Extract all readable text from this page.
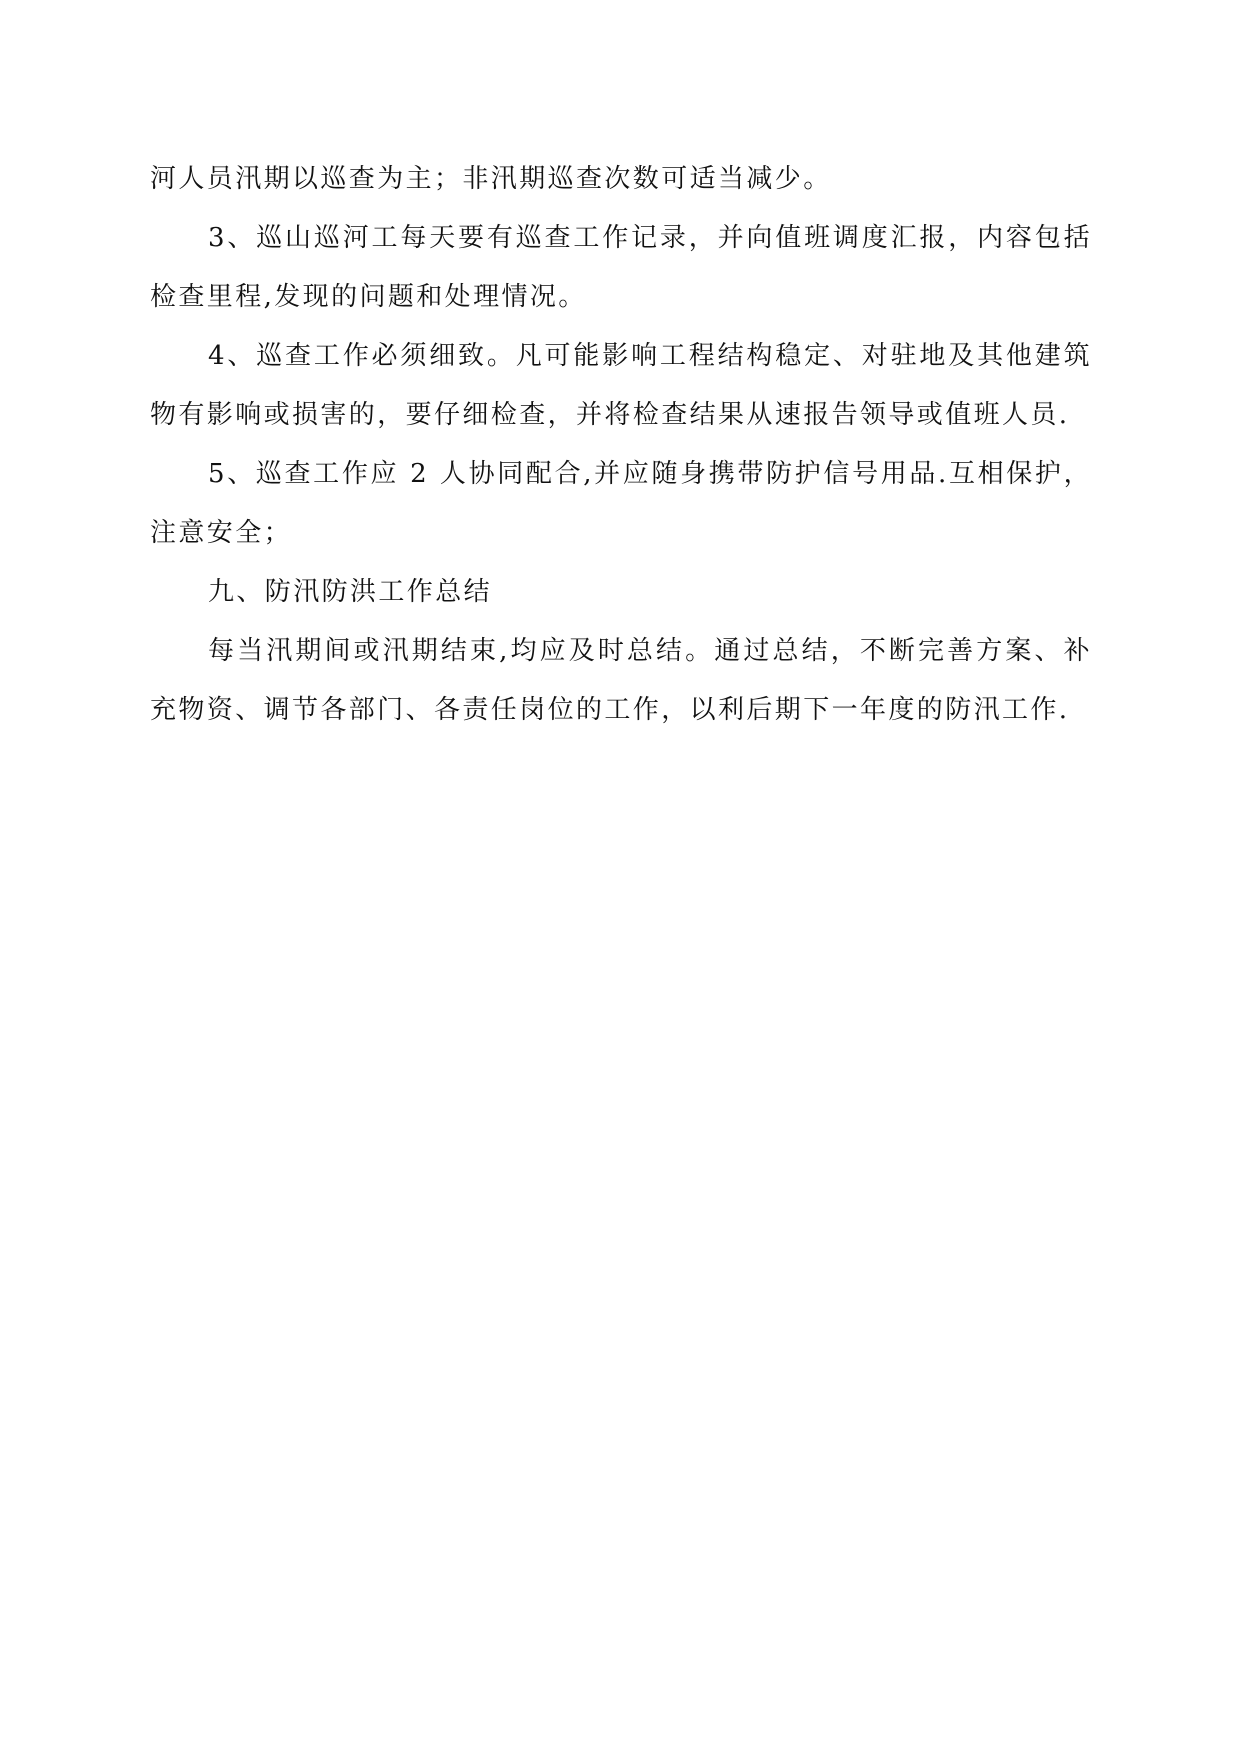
河人员汛期以巡查为主；非汛期巡查次数可适当减少。

3、巡山巡河工每天要有巡查工作记录，并向值班调度汇报，内容包括检查里程,发现的问题和处理情况。

4、巡查工作必须细致。凡可能影响工程结构稳定、对驻地及其他建筑物有影响或损害的，要仔细检查，并将检查结果从速报告领导或值班人员.

5、巡查工作应 2 人协同配合,并应随身携带防护信号用品.互相保护，注意安全；

九、防汛防洪工作总结

每当汛期间或汛期结束,均应及时总结。通过总结，不断完善方案、补充物资、调节各部门、各责任岗位的工作，以利后期下一年度的防汛工作.
